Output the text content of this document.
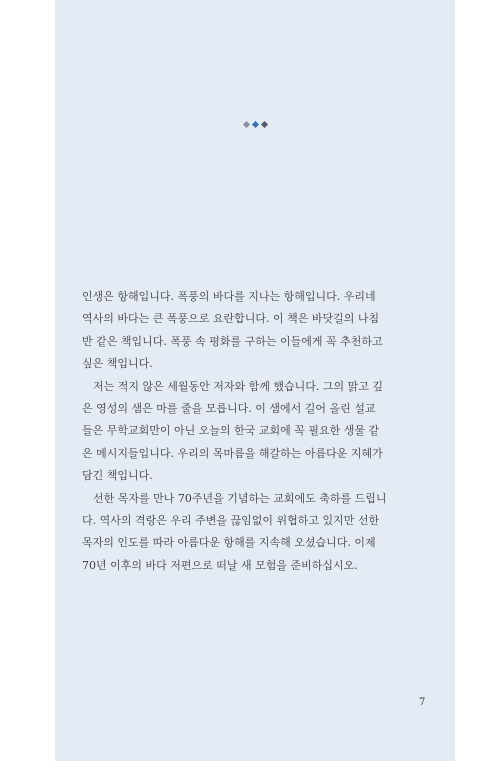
인생은 항해입니다. 폭풍의 바다를 지나는 항해입니다. 우리네
역사의 바다는 큰 폭풍으로 요란합니다. 이 책은 바닷길의 나침
반 같은 책입니다. 폭풍 속 평화를 구하는 이들에게 꼭 추천하고
싶은 책입니다.

저는 적지 않은 세월동안 저자와 함께 했습니다. 그의 맑고 깊
은 영성의 샘은 마를 줄을 모릅니다. 이 샘에서 길어 올린 설교
들은 무학교회만이 아닌 오늘의 한국 교회에 꼭 필요한 생물 같
은 메시지들입니다. 우리의 목마름을 해갈하는 아름다운 지혜가
담긴 책입니다.

선한 목자를 만나 70주년을 기념하는 교회에도 축하를 드립니
다. 역사의 격랑은 우리 주변을 끊임없이 위협하고 있지만 선한
목자의 인도를 따라 아름다운 항해를 지속해 오셨습니다. 이제
70년 이후의 바다 저편으로 떠날 새 모험을 준비하십시오.

7
